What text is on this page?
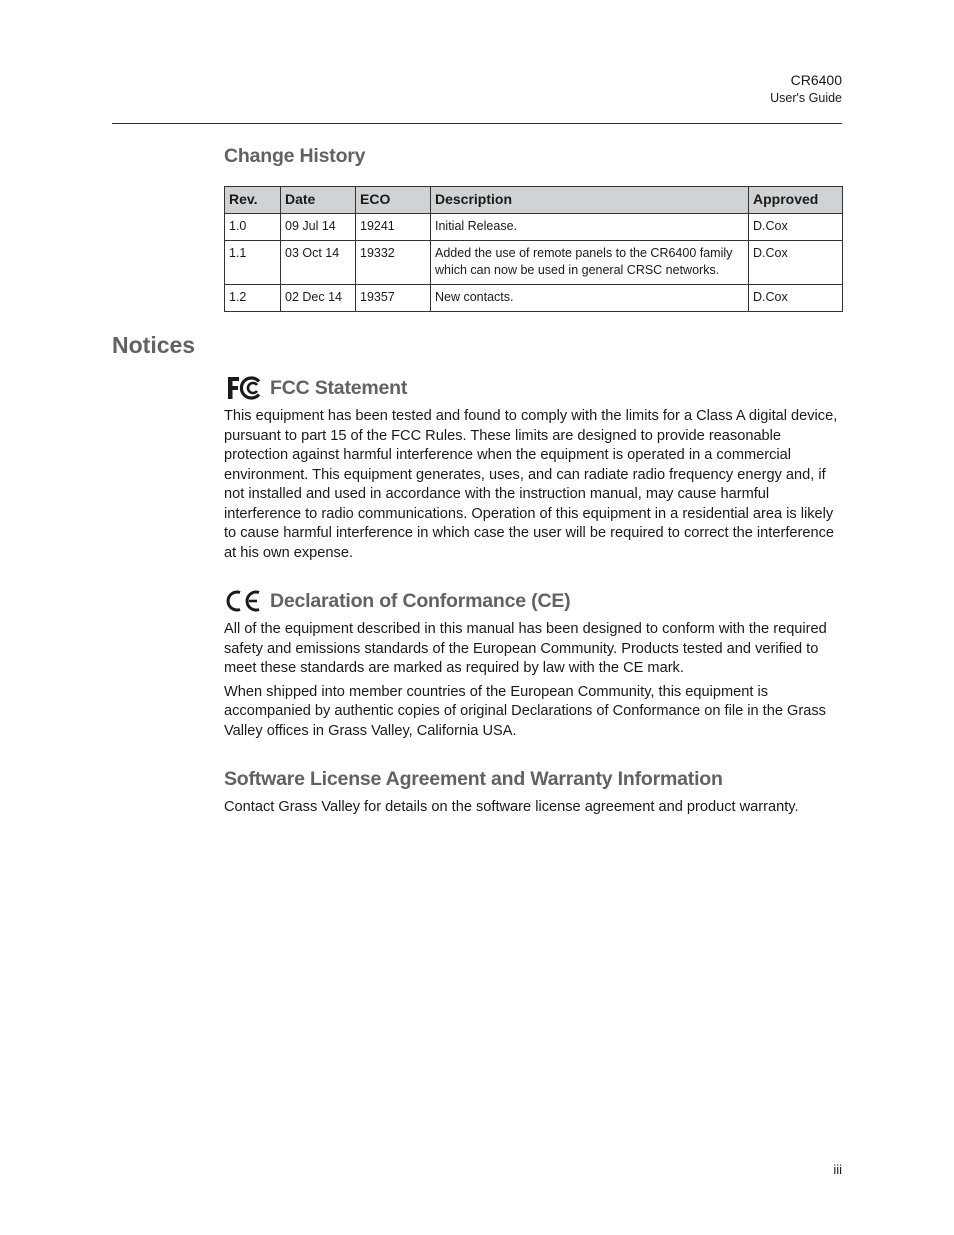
CR6400
User's Guide
Change History
Rev.	Date	ECO	Description	Approved
1.0	09 Jul 14	19241	Initial Release.	D.Cox
1.1	03 Oct 14	19332	Added the use of remote panels to the CR6400 family which can now be used in general CRSC networks.	D.Cox
1.2	02 Dec 14	19357	New contacts.	D.Cox
Notices
FCC Statement

This equipment has been tested and found to comply with the limits for a Class A digital device, pursuant to part 15 of the FCC Rules. These limits are designed to provide reasonable protection against harmful interference when the equipment is operated in a commercial environment. This equipment generates, uses, and can radiate radio frequency energy and, if not installed and used in accordance with the instruction manual, may cause harmful interference to radio communications. Operation of this equipment in a residential area is likely to cause harmful interference in which case the user will be required to correct the interference at his own expense.

Declaration of Conformance (CE)

All of the equipment described in this manual has been designed to conform with the required safety and emissions standards of the European Community. Products tested and verified to meet these standards are marked as required by law with the CE mark.

When shipped into member countries of the European Community, this equipment is accompanied by authentic copies of original Declarations of Conformance on file in the Grass Valley offices in Grass Valley, California USA.

Software License Agreement and Warranty Information

Contact Grass Valley for details on the software license agreement and product warranty.

iii
